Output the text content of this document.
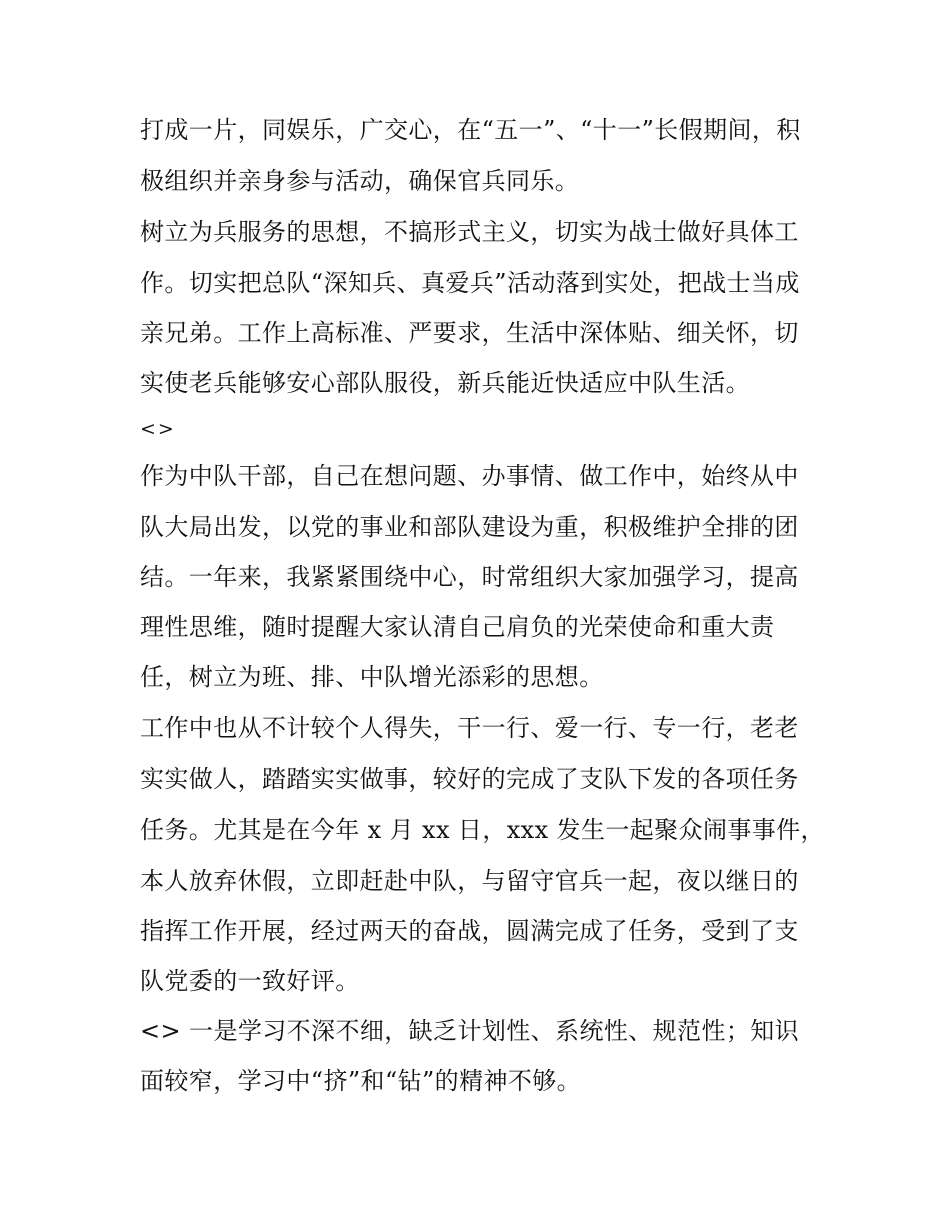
打成一片，同娱乐，广交心，在“五一”、“十一”长假期间，积
极组织并亲身参与活动，确保官兵同乐。
树立为兵服务的思想，不搞形式主义，切实为战士做好具体工
作。切实把总队“深知兵、真爱兵”活动落到实处，把战士当成
亲兄弟。工作上高标准、严要求，生活中深体贴、细关怀，切
实使老兵能够安心部队服役，新兵能近快适应中队生活。
<>
作为中队干部，自己在想问题、办事情、做工作中，始终从中
队大局出发，以党的事业和部队建设为重，积极维护全排的团
结。一年来，我紧紧围绕中心，时常组织大家加强学习，提高
理性思维，随时提醒大家认清自己肩负的光荣使命和重大责
任，树立为班、排、中队增光添彩的思想。
工作中也从不计较个人得失，干一行、爱一行、专一行，老老
实实做人，踏踏实实做事，较好的完成了支队下发的各项任务
任务。尤其是在今年 x 月 xx 日，xxx 发生一起聚众闹事事件，
本人放弃休假，立即赶赴中队，与留守官兵一起，夜以继日的
指挥工作开展，经过两天的奋战，圆满完成了任务，受到了支
队党委的一致好评。
<> 一是学习不深不细，缺乏计划性、系统性、规范性；知识
面较窄，学习中“挤”和“钻”的精神不够。
